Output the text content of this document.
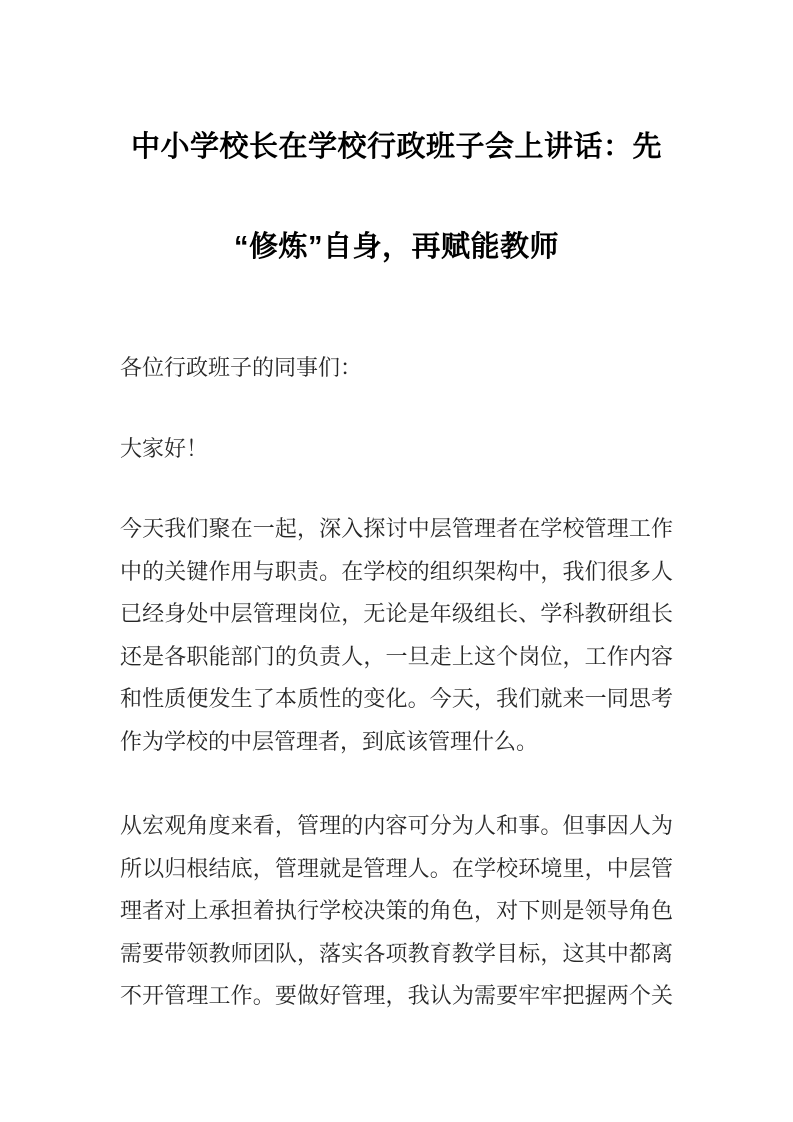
中小学校长在学校行政班子会上讲话：先
“修炼”自身，再赋能教师
各位行政班子的同事们：
大家好！
今天我们聚在一起，深入探讨中层管理者在学校管理工作
中的关键作用与职责。在学校的组织架构中，我们很多人
已经身处中层管理岗位，无论是年级组长、学科教研组长
还是各职能部门的负责人，一旦走上这个岗位，工作内容
和性质便发生了本质性的变化。今天，我们就来一同思考
作为学校的中层管理者，到底该管理什么。
从宏观角度来看，管理的内容可分为人和事。但事因人为
所以归根结底，管理就是管理人。在学校环境里，中层管
理者对上承担着执行学校决策的角色，对下则是领导角色
需要带领教师团队，落实各项教育教学目标，这其中都离
不开管理工作。要做好管理，我认为需要牢牢把握两个关
